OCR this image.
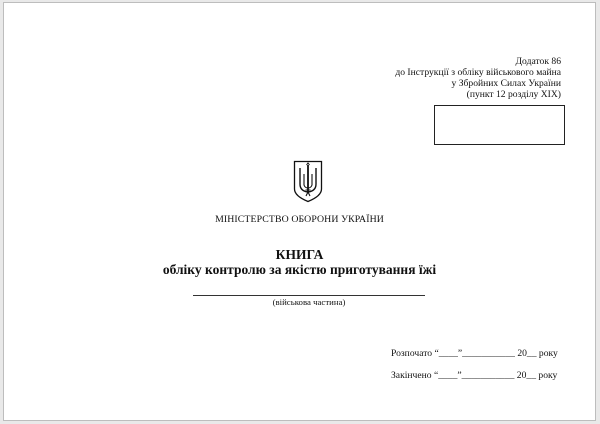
Додаток 86
до Інструкції з обліку військового майна
у Збройних Силах України
(пункт 12 розділу XIX)
МІНІСТЕРСТВО ОБОРОНИ УКРАЇНИ
КНИГА
обліку контролю за якістю приготування їжі
(військова частина)
Розпочато “____”___________ 20__ року
Закінчено “____”___________ 20__ року
